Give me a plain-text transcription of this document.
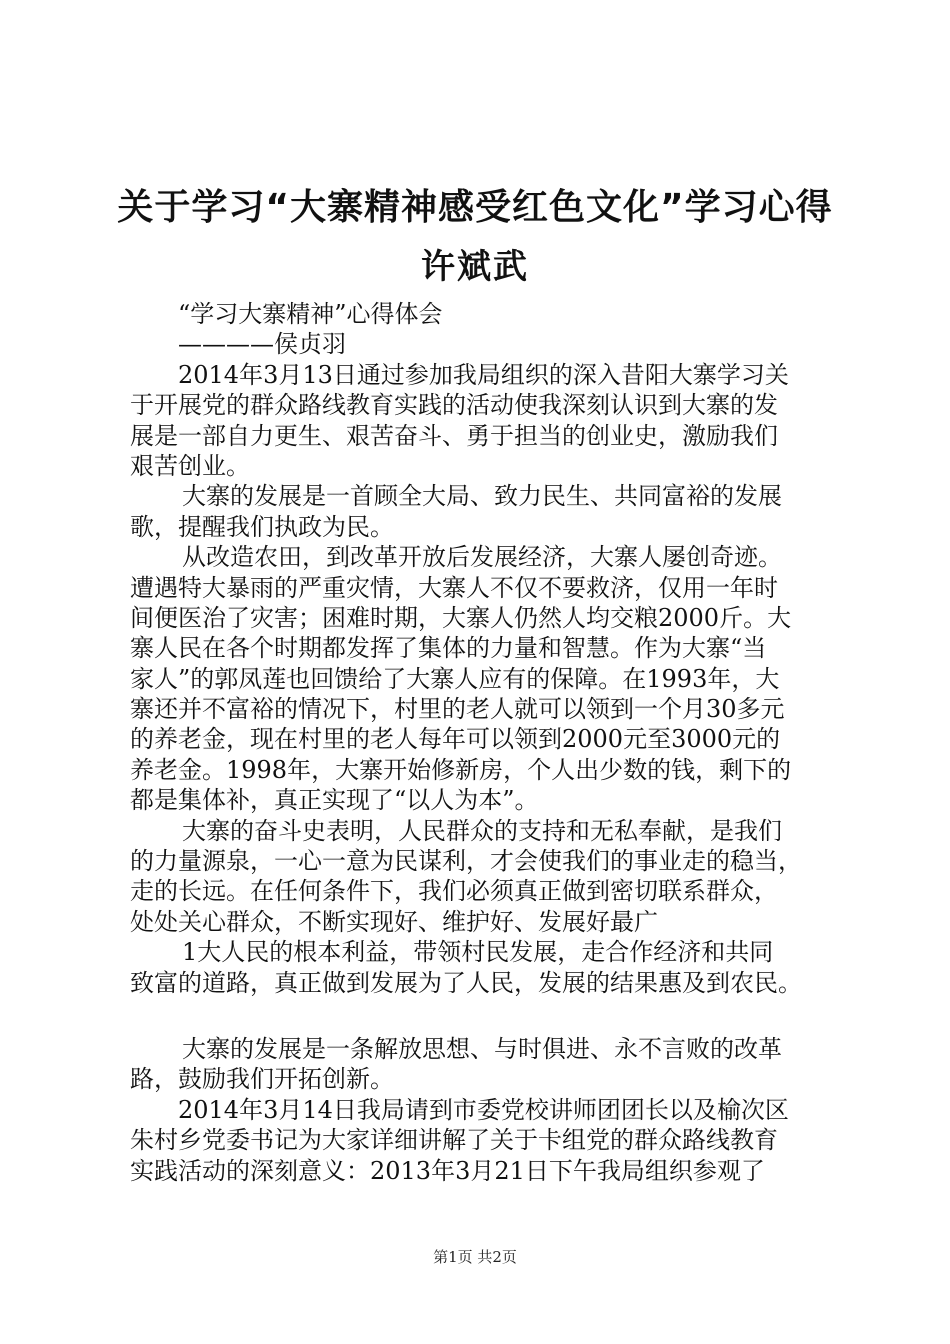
关于学习“大寨精神感受红色文化”学习心得
许斌武
“学习大寨精神”心得体会
————侯贞羽
2014年3月13日通过参加我局组织的深入昔阳大寨学习关
于开展党的群众路线教育实践的活动使我深刻认识到大寨的发
展是一部自力更生、艰苦奋斗、勇于担当的创业史，激励我们
艰苦创业。
大寨的发展是一首顾全大局、致力民生、共同富裕的发展
歌，提醒我们执政为民。
从改造农田，到改革开放后发展经济，大寨人屡创奇迹。
遭遇特大暴雨的严重灾情，大寨人不仅不要救济，仅用一年时
间便医治了灾害；困难时期，大寨人仍然人均交粮2000斤。大
寨人民在各个时期都发挥了集体的力量和智慧。作为大寨“当
家人”的郭凤莲也回馈给了大寨人应有的保障。在1993年，大
寨还并不富裕的情况下，村里的老人就可以领到一个月30多元
的养老金，现在村里的老人每年可以领到2000元至3000元的
养老金。1998年，大寨开始修新房，个人出少数的钱，剩下的
都是集体补，真正实现了“以人为本”。
大寨的奋斗史表明，人民群众的支持和无私奉献，是我们
的力量源泉，一心一意为民谋利，才会使我们的事业走的稳当，
走的长远。在任何条件下，我们必须真正做到密切联系群众，
处处关心群众，不断实现好、维护好、发展好最广
1大人民的根本利益，带领村民发展，走合作经济和共同
致富的道路，真正做到发展为了人民，发展的结果惠及到农民。
大寨的发展是一条解放思想、与时俱进、永不言败的改革
路，鼓励我们开拓创新。
2014年3月14日我局请到市委党校讲师团团长以及榆次区
朱村乡党委书记为大家详细讲解了关于卡组党的群众路线教育
实践活动的深刻意义：2013年3月21日下午我局组织参观了
第1页 共2页
